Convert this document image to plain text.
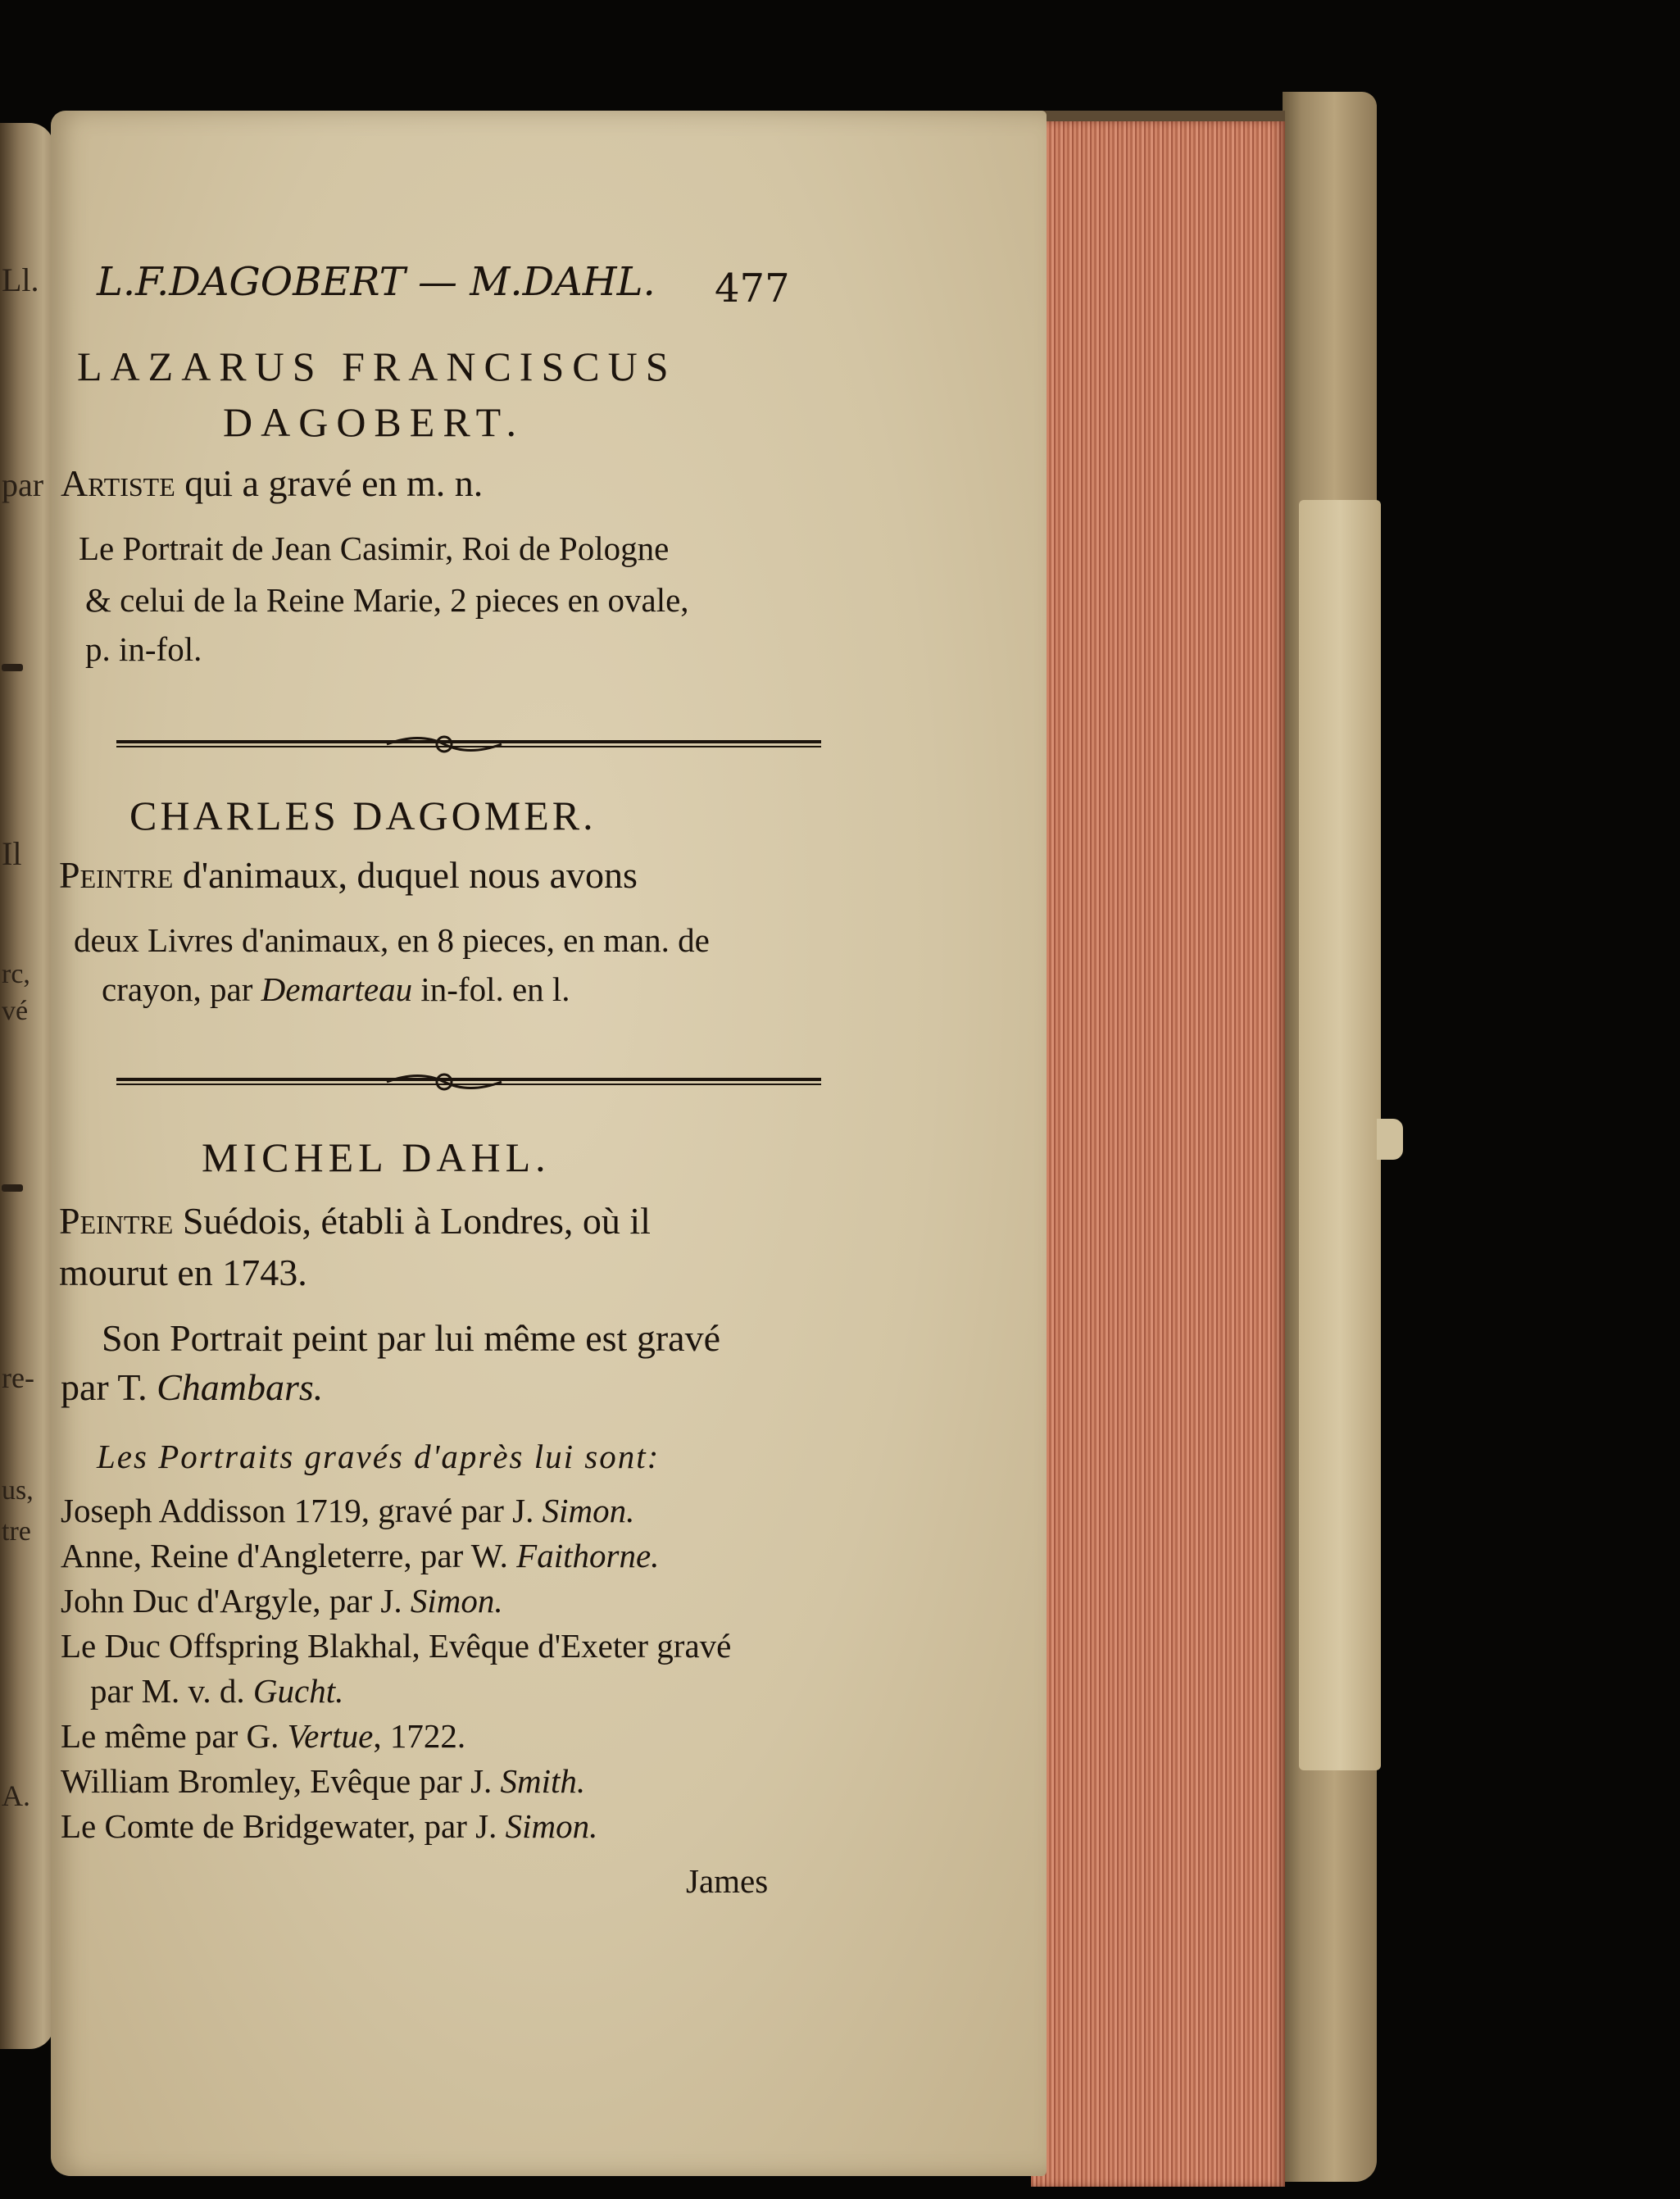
Ll.
par
Il
rc,
vé
re-
us,
tre
A.
L.F.DAGOBERT — M.DAHL. 477
LAZARUS FRANCISCUS
DAGOBERT.
Artiste qui a gravé en m. n.
Le Portrait de Jean Casimir, Roi de Pologne
& celui de la Reine Marie, 2 pieces en ovale,
p. in-fol.
CHARLES DAGOMER.
Peintre d'animaux, duquel nous avons
deux Livres d'animaux, en 8 pieces, en man. de
crayon, par Demarteau in-fol. en l.
MICHEL DAHL.
Peintre Suédois, établi à Londres, où il
mourut en 1743.
Son Portrait peint par lui même est gravé
par T. Chambars.
Les Portraits gravés d'après lui sont:
Joseph Addisson 1719, gravé par J. Simon.
Anne, Reine d'Angleterre, par W. Faithorne.
John Duc d'Argyle, par J. Simon.
Le Duc Offspring Blakhal, Evêque d'Exeter gravé
par M. v. d. Gucht.
Le même par G. Vertue, 1722.
William Bromley, Evêque par J. Smith.
Le Comte de Bridgewater, par J. Simon.
James
